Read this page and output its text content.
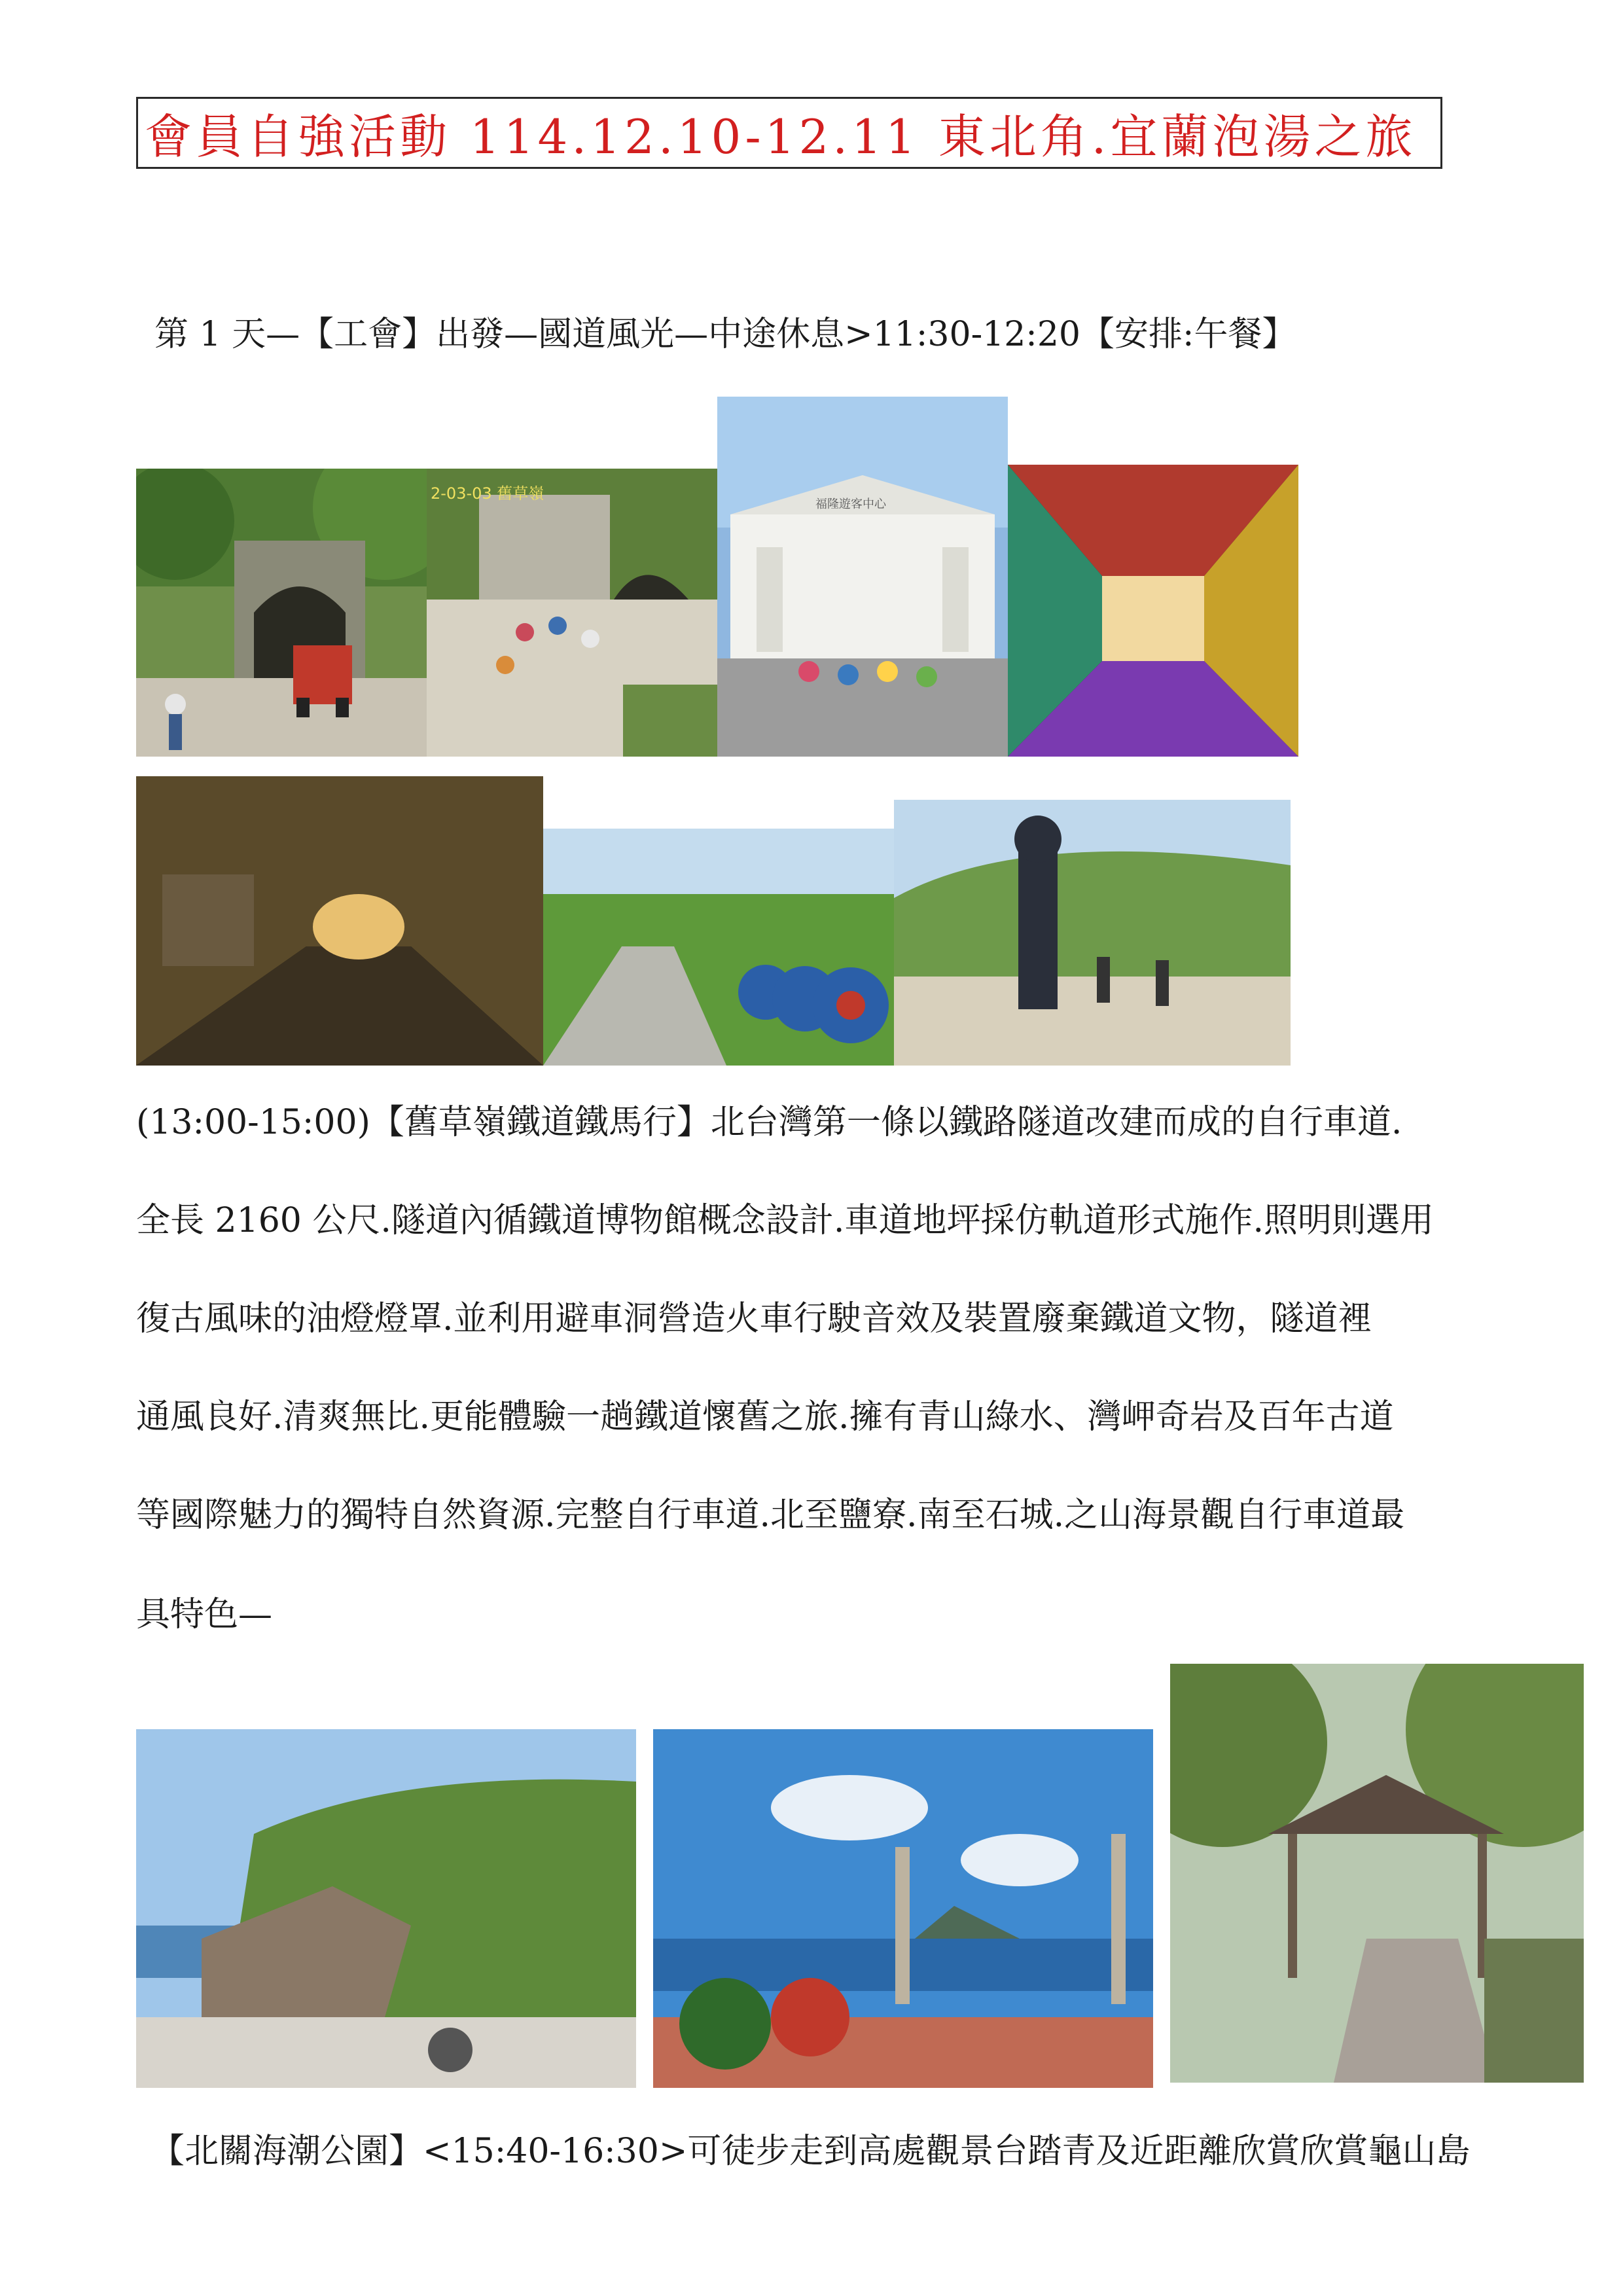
會員自強活動 114.12.10-12.11 東北角.宜蘭泡湯之旅
第 1 天—【工會】出發—國道風光—中途休息>11:30-12:20【安排:午餐】
2-03-03 舊草嶺
福隆遊客中心
(13:00-15:00)【舊草嶺鐵道鐵馬行】北台灣第一條以鐵路隧道改建而成的自行車道.
全長 2160 公尺.隧道內循鐵道博物館概念設計.車道地坪採仿軌道形式施作.照明則選用
復古風味的油燈燈罩.並利用避車洞營造火車行駛音效及裝置廢棄鐵道文物，隧道裡
通風良好.清爽無比.更能體驗一趟鐵道懷舊之旅.擁有青山綠水、灣岬奇岩及百年古道
等國際魅力的獨特自然資源.完整自行車道.北至鹽寮.南至石城.之山海景觀自行車道最
具特色—
【北關海潮公園】<15:40-16:30>可徒步走到高處觀景台踏青及近距離欣賞欣賞龜山島
